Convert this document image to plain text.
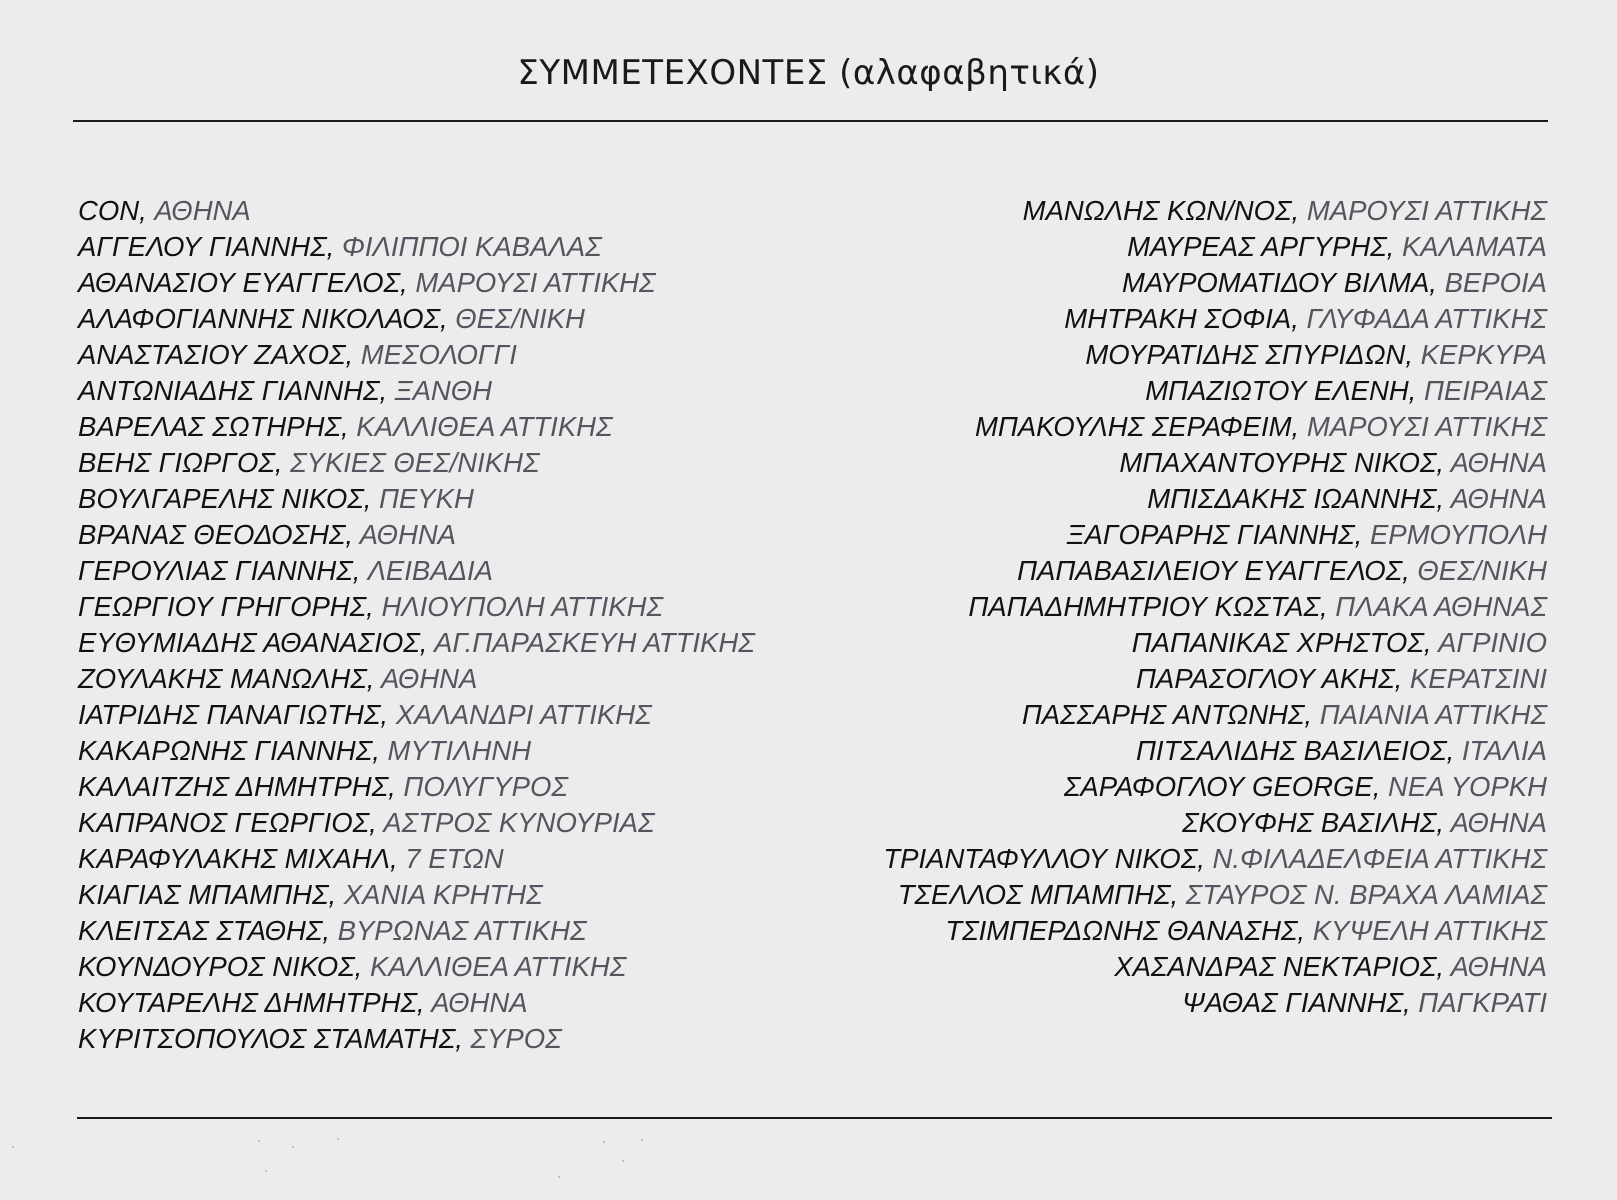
ΣΥΜΜΕΤΕΧΟΝΤΕΣ (αλαφαβητικά)
CON, ΑΘΗΝΑ
ΑΓΓΕΛΟΥ ΓΙΑΝΝΗΣ, ΦΙΛΙΠΠΟΙ ΚΑΒΑΛΑΣ
ΑΘΑΝΑΣΙΟΥ ΕΥΑΓΓΕΛΟΣ, ΜΑΡΟΥΣΙ ΑΤΤΙΚΗΣ
ΑΛΑΦΟΓΙΑΝΝΗΣ ΝΙΚΟΛΑΟΣ, ΘΕΣ/ΝΙΚΗ
ΑΝΑΣΤΑΣΙΟΥ ΖΑΧΟΣ, ΜΕΣΟΛΟΓΓΙ
ΑΝΤΩΝΙΑΔΗΣ ΓΙΑΝΝΗΣ, ΞΑΝΘΗ
ΒΑΡΕΛΑΣ ΣΩΤΗΡΗΣ, ΚΑΛΛΙΘΕΑ ΑΤΤΙΚΗΣ
ΒΕΗΣ ΓΙΩΡΓΟΣ, ΣΥΚΙΕΣ ΘΕΣ/ΝΙΚΗΣ
ΒΟΥΛΓΑΡΕΛΗΣ ΝΙΚΟΣ, ΠΕΥΚΗ
ΒΡΑΝΑΣ ΘΕΟΔΟΣΗΣ, ΑΘΗΝΑ
ΓΕΡΟΥΛΙΑΣ ΓΙΑΝΝΗΣ, ΛΕΙΒΑΔΙΑ
ΓΕΩΡΓΙΟΥ ΓΡΗΓΟΡΗΣ, ΗΛΙΟΥΠΟΛΗ ΑΤΤΙΚΗΣ
ΕΥΘΥΜΙΑΔΗΣ ΑΘΑΝΑΣΙΟΣ, ΑΓ.ΠΑΡΑΣΚΕΥΗ ΑΤΤΙΚΗΣ
ΖΟΥΛΑΚΗΣ ΜΑΝΩΛΗΣ, ΑΘΗΝΑ
ΙΑΤΡΙΔΗΣ ΠΑΝΑΓΙΩΤΗΣ, ΧΑΛΑΝΔΡΙ ΑΤΤΙΚΗΣ
ΚΑΚΑΡΩΝΗΣ ΓΙΑΝΝΗΣ, ΜΥΤΙΛΗΝΗ
ΚΑΛΑΙΤΖΗΣ ΔΗΜΗΤΡΗΣ, ΠΟΛΥΓΥΡΟΣ
ΚΑΠΡΑΝΟΣ ΓΕΩΡΓΙΟΣ, ΑΣΤΡΟΣ ΚΥΝΟΥΡΙΑΣ
ΚΑΡΑΦΥΛΑΚΗΣ ΜΙΧΑΗΛ, 7 ΕΤΩΝ
ΚΙΑΓΙΑΣ ΜΠΑΜΠΗΣ, ΧΑΝΙΑ ΚΡΗΤΗΣ
ΚΛΕΙΤΣΑΣ ΣΤΑΘΗΣ, ΒΥΡΩΝΑΣ ΑΤΤΙΚΗΣ
ΚΟΥΝΔΟΥΡΟΣ ΝΙΚΟΣ, ΚΑΛΛΙΘΕΑ ΑΤΤΙΚΗΣ
ΚΟΥΤΑΡΕΛΗΣ ΔΗΜΗΤΡΗΣ, ΑΘΗΝΑ
ΚΥΡΙΤΣΟΠΟΥΛΟΣ ΣΤΑΜΑΤΗΣ, ΣΥΡΟΣ
ΜΑΝΩΛΗΣ ΚΩΝ/ΝΟΣ, ΜΑΡΟΥΣΙ ΑΤΤΙΚΗΣ
ΜΑΥΡΕΑΣ ΑΡΓΥΡΗΣ, ΚΑΛΑΜΑΤΑ
ΜΑΥΡΟΜΑΤΙΔΟΥ ΒΙΛΜΑ, ΒΕΡΟΙΑ
ΜΗΤΡΑΚΗ ΣΟΦΙΑ, ΓΛΥΦΑΔΑ ΑΤΤΙΚΗΣ
ΜΟΥΡΑΤΙΔΗΣ ΣΠΥΡΙΔΩΝ, ΚΕΡΚΥΡΑ
ΜΠΑΖΙΩΤΟΥ ΕΛΕΝΗ, ΠΕΙΡΑΙΑΣ
ΜΠΑΚΟΥΛΗΣ ΣΕΡΑΦΕΙΜ, ΜΑΡΟΥΣΙ ΑΤΤΙΚΗΣ
ΜΠΑΧΑΝΤΟΥΡΗΣ ΝΙΚΟΣ, ΑΘΗΝΑ
ΜΠΙΣΔΑΚΗΣ ΙΩΑΝΝΗΣ, ΑΘΗΝΑ
ΞΑΓΟΡΑΡΗΣ ΓΙΑΝΝΗΣ, ΕΡΜΟΥΠΟΛΗ
ΠΑΠΑΒΑΣΙΛΕΙΟΥ ΕΥΑΓΓΕΛΟΣ, ΘΕΣ/ΝΙΚΗ
ΠΑΠΑΔΗΜΗΤΡΙΟΥ ΚΩΣΤΑΣ, ΠΛΑΚΑ ΑΘΗΝΑΣ
ΠΑΠΑΝΙΚΑΣ ΧΡΗΣΤΟΣ, ΑΓΡΙΝΙΟ
ΠΑΡΑΣΟΓΛΟΥ ΑΚΗΣ, ΚΕΡΑΤΣΙΝΙ
ΠΑΣΣΑΡΗΣ ΑΝΤΩΝΗΣ, ΠΑΙΑΝΙΑ ΑΤΤΙΚΗΣ
ΠΙΤΣΑΛΙΔΗΣ ΒΑΣΙΛΕΙΟΣ, ΙΤΑΛΙΑ
ΣΑΡΑΦΟΓΛΟΥ GEORGE, ΝΕΑ ΥΟΡΚΗ
ΣΚΟΥΦΗΣ ΒΑΣΙΛΗΣ, ΑΘΗΝΑ
ΤΡΙΑΝΤΑΦΥΛΛΟΥ ΝΙΚΟΣ, Ν.ΦΙΛΑΔΕΛΦΕΙΑ ΑΤΤΙΚΗΣ
ΤΣΕΛΛΟΣ ΜΠΑΜΠΗΣ, ΣΤΑΥΡΟΣ Ν. ΒΡΑΧΑ ΛΑΜΙΑΣ
ΤΣΙΜΠΕΡΔΩΝΗΣ ΘΑΝΑΣΗΣ, ΚΥΨΕΛΗ ΑΤΤΙΚΗΣ
ΧΑΣΑΝΔΡΑΣ ΝΕΚΤΑΡΙΟΣ, ΑΘΗΝΑ
ΨΑΘΑΣ ΓΙΑΝΝΗΣ, ΠΑΓΚΡΑΤΙ
